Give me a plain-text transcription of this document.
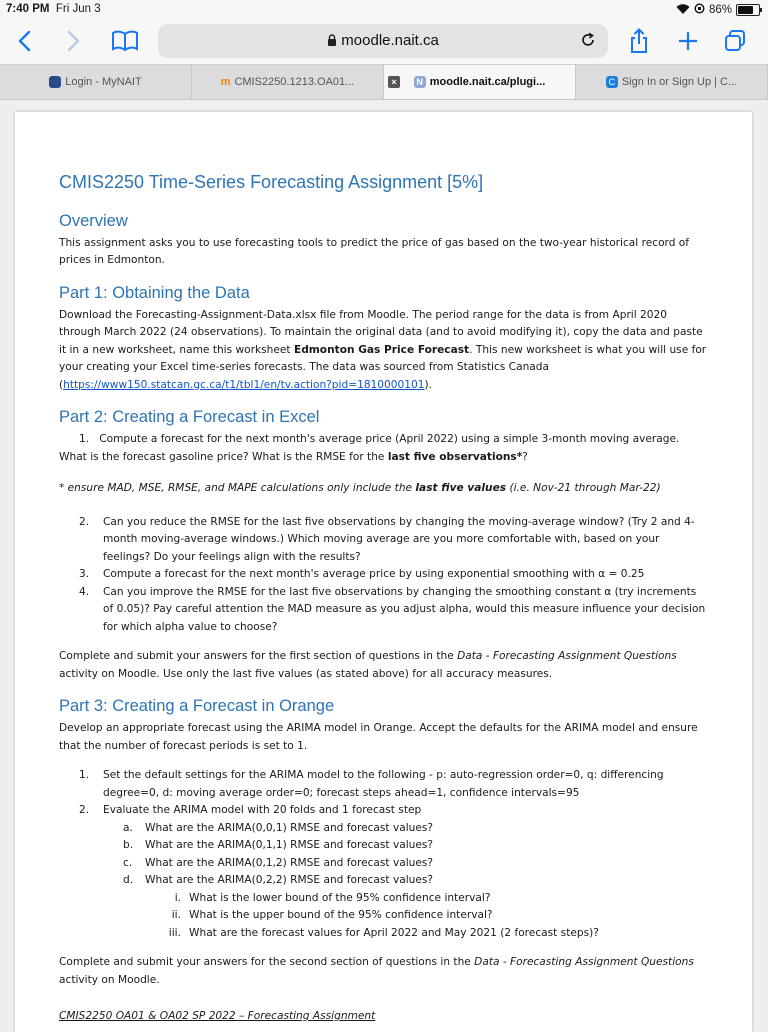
7:40 PM Fri Jun 3	86%
moodle.nait.ca
Login - MyNAIT	m CMIS2250.1213.OA01...	×	N moodle.nait.ca/plugi...	C Sign In or Sign Up | C...
CMIS2250 Time-Series Forecasting Assignment [5%]
Overview

This assignment asks you to use forecasting tools to predict the price of gas based on the two-year historical record of prices in Edmonton.

Part 1: Obtaining the Data

Download the Forecasting-Assignment-Data.xlsx file from Moodle. The period range for the data is from April 2020 through March 2022 (24 observations). To maintain the original data (and to avoid modifying it), copy the data and paste it in a new worksheet, name this worksheet Edmonton Gas Price Forecast. This new worksheet is what you will use for your creating your Excel time-series forecasts. The data was sourced from Statistics Canada (https://www150.statcan.gc.ca/t1/tbl1/en/tv.action?pid=1810000101).

Part 2: Creating a Forecast in Excel
1. Compute a forecast for the next month's average price (April 2022) using a simple 3-month moving average.
What is the forecast gasoline price? What is the RMSE for the last five observations*?
* ensure MAD, MSE, RMSE, and MAPE calculations only include the last five values (i.e. Nov-21 through Mar-22)
2. Can you reduce the RMSE for the last five observations by changing the moving-average window? (Try 2 and 4-month moving-average windows.) Which moving average are you more comfortable with, based on your feelings? Do your feelings align with the results?
3. Compute a forecast for the next month's average price by using exponential smoothing with α = 0.25
4. Can you improve the RMSE for the last five observations by changing the smoothing constant α (try increments of 0.05)? Pay careful attention the MAD measure as you adjust alpha, would this measure influence your decision for which alpha value to choose?

Complete and submit your answers for the first section of questions in the Data - Forecasting Assignment Questions activity on Moodle. Use only the last five values (as stated above) for all accuracy measures.

Part 3: Creating a Forecast in Orange

Develop an appropriate forecast using the ARIMA model in Orange. Accept the defaults for the ARIMA model and ensure that the number of forecast periods is set to 1.

1. Set the default settings for the ARIMA model to the following - p: auto-regression order=0, q: differencing degree=0, d: moving average order=0; forecast steps ahead=1, confidence intervals=95
2. Evaluate the ARIMA model with 20 folds and 1 forecast step
a. What are the ARIMA(0,0,1) RMSE and forecast values?
b. What are the ARIMA(0,1,1) RMSE and forecast values?
c. What are the ARIMA(0,1,2) RMSE and forecast values?
d. What are the ARIMA(0,2,2) RMSE and forecast values?
i. What is the lower bound of the 95% confidence interval?
ii. What is the upper bound of the 95% confidence interval?
iii. What are the forecast values for April 2022 and May 2021 (2 forecast steps)?

Complete and submit your answers for the second section of questions in the Data - Forecasting Assignment Questions activity on Moodle.

CMIS2250 OA01 & OA02 SP 2022 – Forecasting Assignment
